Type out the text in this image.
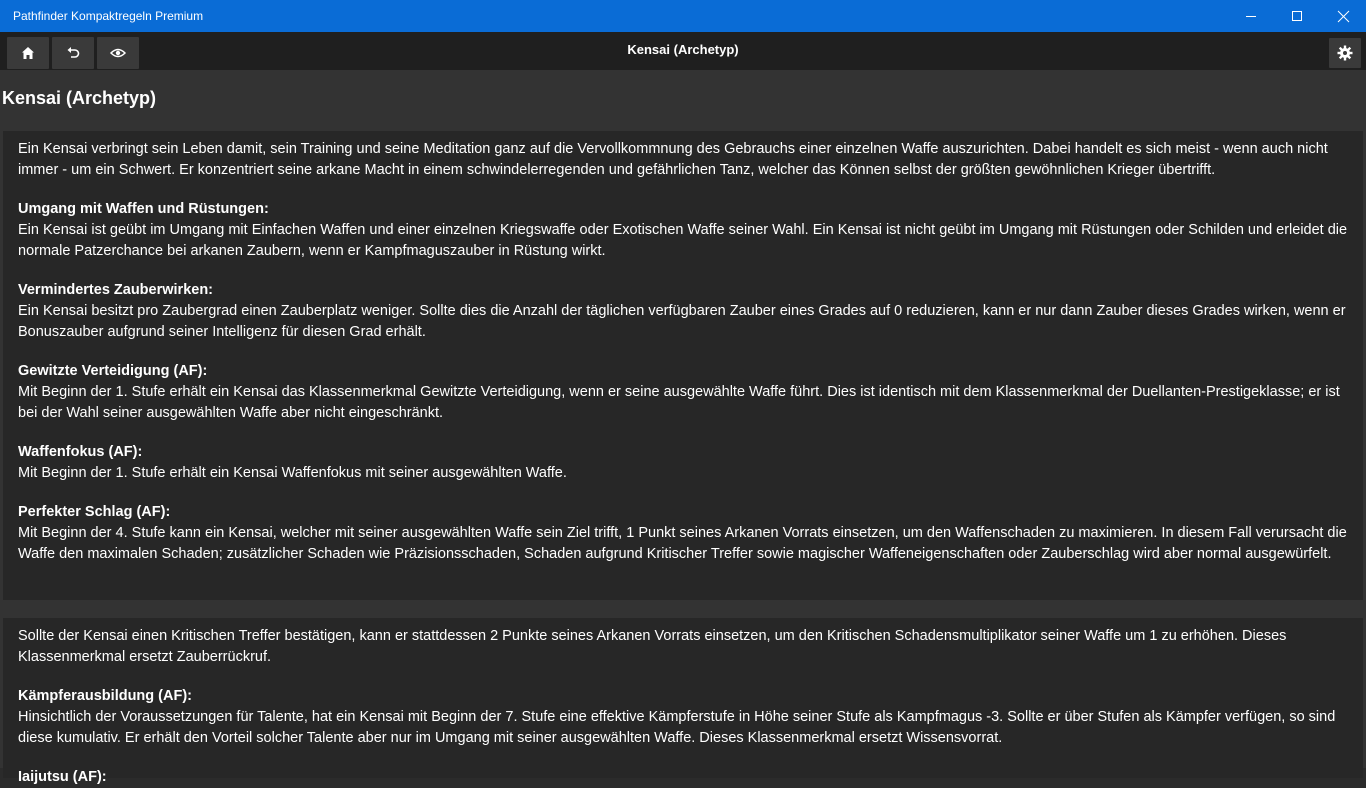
Pathfinder Kompaktregeln Premium
Kensai (Archetyp)
Kensai (Archetyp)

Ein Kensai verbringt sein Leben damit, sein Training und seine Meditation ganz auf die Vervollkommnung des Gebrauchs einer einzelnen Waffe auszurichten. Dabei handelt es sich meist - wenn auch nicht immer - um ein Schwert. Er konzentriert seine arkane Macht in einem schwindelerregenden und gefährlichen Tanz, welcher das Können selbst der größten gewöhnlichen Krieger übertrifft.

Umgang mit Waffen und Rüstungen:
Ein Kensai ist geübt im Umgang mit Einfachen Waffen und einer einzelnen Kriegswaffe oder Exotischen Waffe seiner Wahl. Ein Kensai ist nicht geübt im Umgang mit Rüstungen oder Schilden und erleidet die normale Patzerchance bei arkanen Zaubern, wenn er Kampfmaguszauber in Rüstung wirkt.

Vermindertes Zauberwirken:
Ein Kensai besitzt pro Zaubergrad einen Zauberplatz weniger. Sollte dies die Anzahl der täglichen verfügbaren Zauber eines Grades auf 0 reduzieren, kann er nur dann Zauber dieses Grades wirken, wenn er Bonuszauber aufgrund seiner Intelligenz für diesen Grad erhält.

Gewitzte Verteidigung (AF):
Mit Beginn der 1. Stufe erhält ein Kensai das Klassenmerkmal Gewitzte Verteidigung, wenn er seine ausgewählte Waffe führt. Dies ist identisch mit dem Klassenmerkmal der Duellanten-Prestigeklasse; er ist bei der Wahl seiner ausgewählten Waffe aber nicht eingeschränkt.

Waffenfokus (AF):
Mit Beginn der 1. Stufe erhält ein Kensai Waffenfokus mit seiner ausgewählten Waffe.

Perfekter Schlag (AF):
Mit Beginn der 4. Stufe kann ein Kensai, welcher mit seiner ausgewählten Waffe sein Ziel trifft, 1 Punkt seines Arkanen Vorrats einsetzen, um den Waffenschaden zu maximieren. In diesem Fall verursacht die Waffe den maximalen Schaden; zusätzlicher Schaden wie Präzisionsschaden, Schaden aufgrund Kritischer Treffer sowie magischer Waffeneigenschaften oder Zauberschlag wird aber normal ausgewürfelt.

Sollte der Kensai einen Kritischen Treffer bestätigen, kann er stattdessen 2 Punkte seines Arkanen Vorrats einsetzen, um den Kritischen Schadensmultiplikator seiner Waffe um 1 zu erhöhen. Dieses Klassenmerkmal ersetzt Zauberrückruf.

Kämpferausbildung (AF):
Hinsichtlich der Voraussetzungen für Talente, hat ein Kensai mit Beginn der 7. Stufe eine effektive Kämpferstufe in Höhe seiner Stufe als Kampfmagus -3. Sollte er über Stufen als Kämpfer verfügen, so sind diese kumulativ. Er erhält den Vorteil solcher Talente aber nur im Umgang mit seiner ausgewählten Waffe. Dieses Klassenmerkmal ersetzt Wissensvorrat.

Iaijutsu (AF):
